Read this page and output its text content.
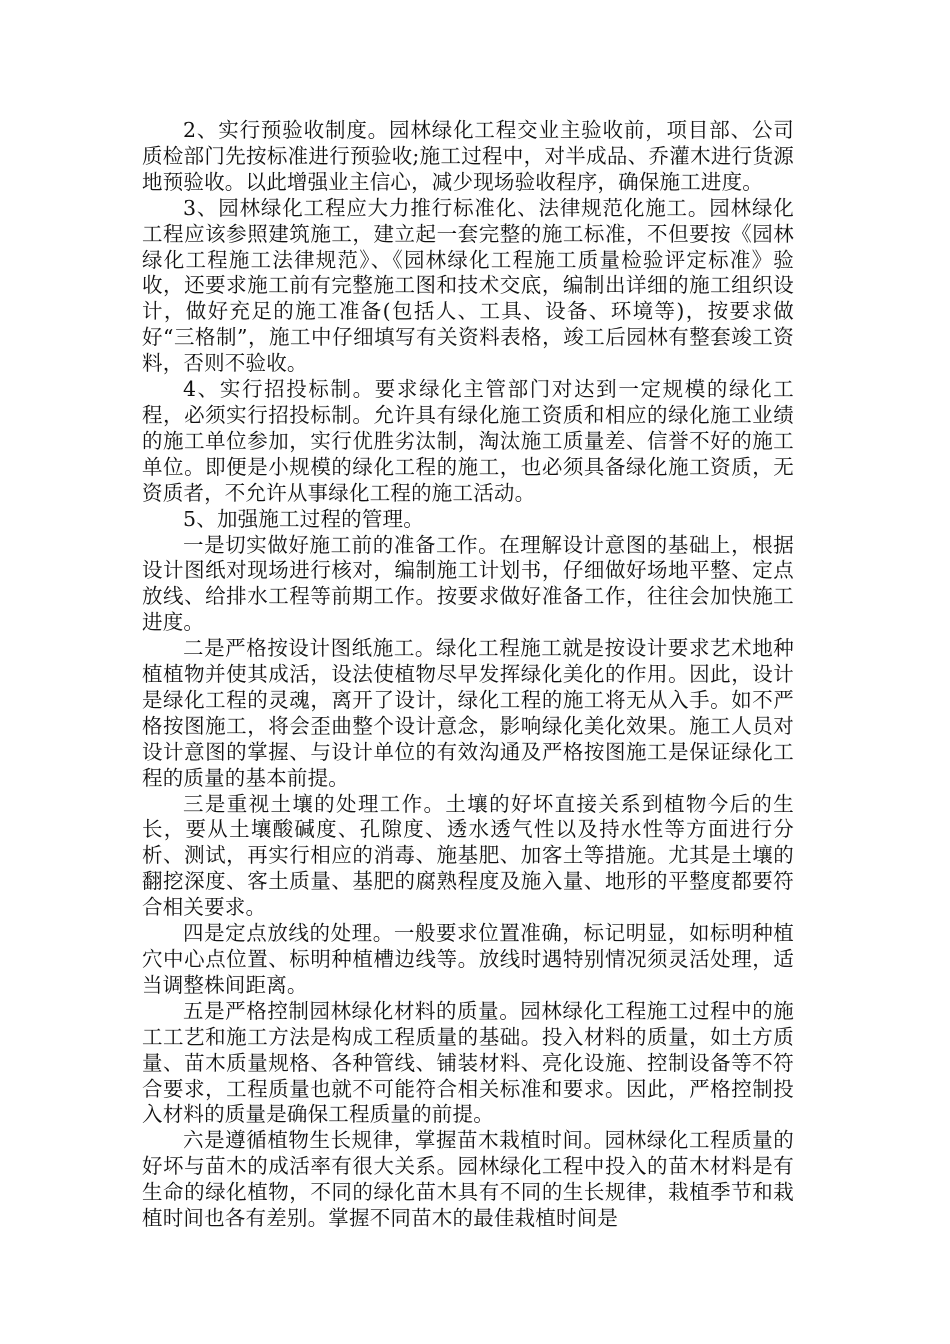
2、实行预验收制度。园林绿化工程交业主验收前，项目部、公司质检部门先按标准进行预验收;施工过程中，对半成品、乔灌木进行货源地预验收。以此增强业主信心，减少现场验收程序，确保施工进度。

3、园林绿化工程应大力推行标准化、法律规范化施工。园林绿化工程应该参照建筑施工，建立起一套完整的施工标准，不但要按《园林绿化工程施工法律规范》、《园林绿化工程施工质量检验评定标准》验收，还要求施工前有完整施工图和技术交底，编制出详细的施工组织设计，做好充足的施工准备(包括人、工具、设备、环境等)，按要求做好“三格制”，施工中仔细填写有关资料表格，竣工后园林有整套竣工资料，否则不验收。

4、实行招投标制。要求绿化主管部门对达到一定规模的绿化工程，必须实行招投标制。允许具有绿化施工资质和相应的绿化施工业绩的施工单位参加，实行优胜劣汰制，淘汰施工质量差、信誉不好的施工单位。即便是小规模的绿化工程的施工，也必须具备绿化施工资质，无资质者，不允许从事绿化工程的施工活动。

5、加强施工过程的管理。

一是切实做好施工前的准备工作。在理解设计意图的基础上，根据设计图纸对现场进行核对，编制施工计划书，仔细做好场地平整、定点放线、给排水工程等前期工作。按要求做好准备工作，往往会加快施工进度。

二是严格按设计图纸施工。绿化工程施工就是按设计要求艺术地种植植物并使其成活，设法使植物尽早发挥绿化美化的作用。因此，设计是绿化工程的灵魂，离开了设计，绿化工程的施工将无从入手。如不严格按图施工，将会歪曲整个设计意念，影响绿化美化效果。施工人员对设计意图的掌握、与设计单位的有效沟通及严格按图施工是保证绿化工程的质量的基本前提。

三是重视土壤的处理工作。土壤的好坏直接关系到植物今后的生长，要从土壤酸碱度、孔隙度、透水透气性以及持水性等方面进行分析、测试，再实行相应的消毒、施基肥、加客土等措施。尤其是土壤的翻挖深度、客土质量、基肥的腐熟程度及施入量、地形的平整度都要符合相关要求。

四是定点放线的处理。一般要求位置准确，标记明显，如标明种植穴中心点位置、标明种植槽边线等。放线时遇特别情况须灵活处理，适当调整株间距离。

五是严格控制园林绿化材料的质量。园林绿化工程施工过程中的施工工艺和施工方法是构成工程质量的基础。投入材料的质量，如土方质量、苗木质量规格、各种管线、铺装材料、亮化设施、控制设备等不符合要求，工程质量也就不可能符合相关标准和要求。因此，严格控制投入材料的质量是确保工程质量的前提。

六是遵循植物生长规律，掌握苗木栽植时间。园林绿化工程质量的好坏与苗木的成活率有很大关系。园林绿化工程中投入的苗木材料是有生命的绿化植物，不同的绿化苗木具有不同的生长规律，栽植季节和栽植时间也各有差别。掌握不同苗木的最佳栽植时间是
